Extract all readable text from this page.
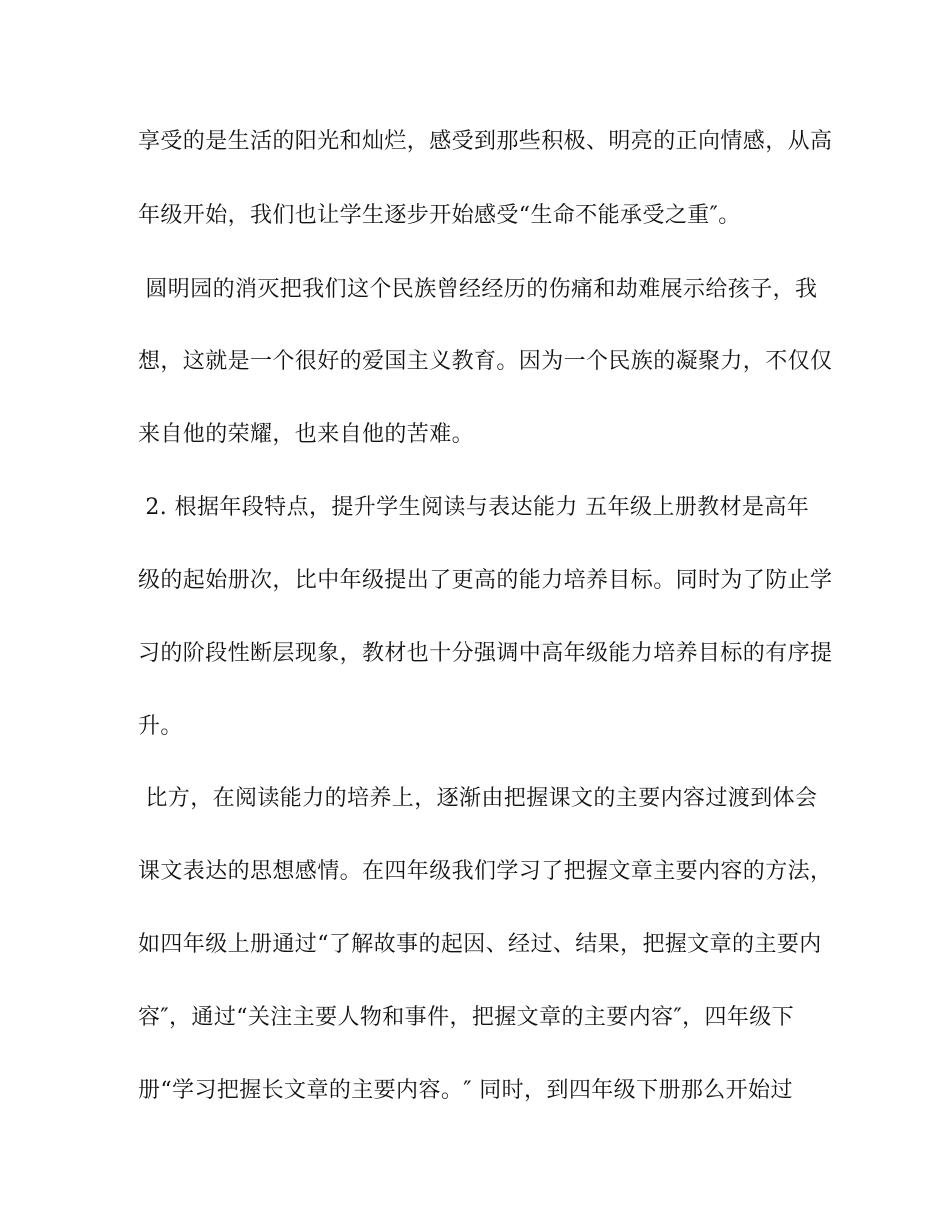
享受的是生活的阳光和灿烂，感受到那些积极、明亮的正向情感，从高
年级开始，我们也让学生逐步开始感受“生命不能承受之重″。
圆明园的消灭把我们这个民族曾经经历的伤痛和劫难展示给孩子，我
想，这就是一个很好的爱国主义教育。因为一个民族的凝聚力，不仅仅
来自他的荣耀，也来自他的苦难。
2. 根据年段特点，提升学生阅读与表达能力 五年级上册教材是高年
级的起始册次，比中年级提出了更高的能力培养目标。同时为了防止学
习的阶段性断层现象，教材也十分强调中高年级能力培养目标的有序提
升。
比方，在阅读能力的培养上，逐渐由把握课文的主要内容过渡到体会
课文表达的思想感情。在四年级我们学习了把握文章主要内容的方法，
如四年级上册通过“了解故事的起因、经过、结果，把握文章的主要内
容″，通过“关注主要人物和事件，把握文章的主要内容″，四年级下
册“学习把握长文章的主要内容。″ 同时，到四年级下册那么开始过
